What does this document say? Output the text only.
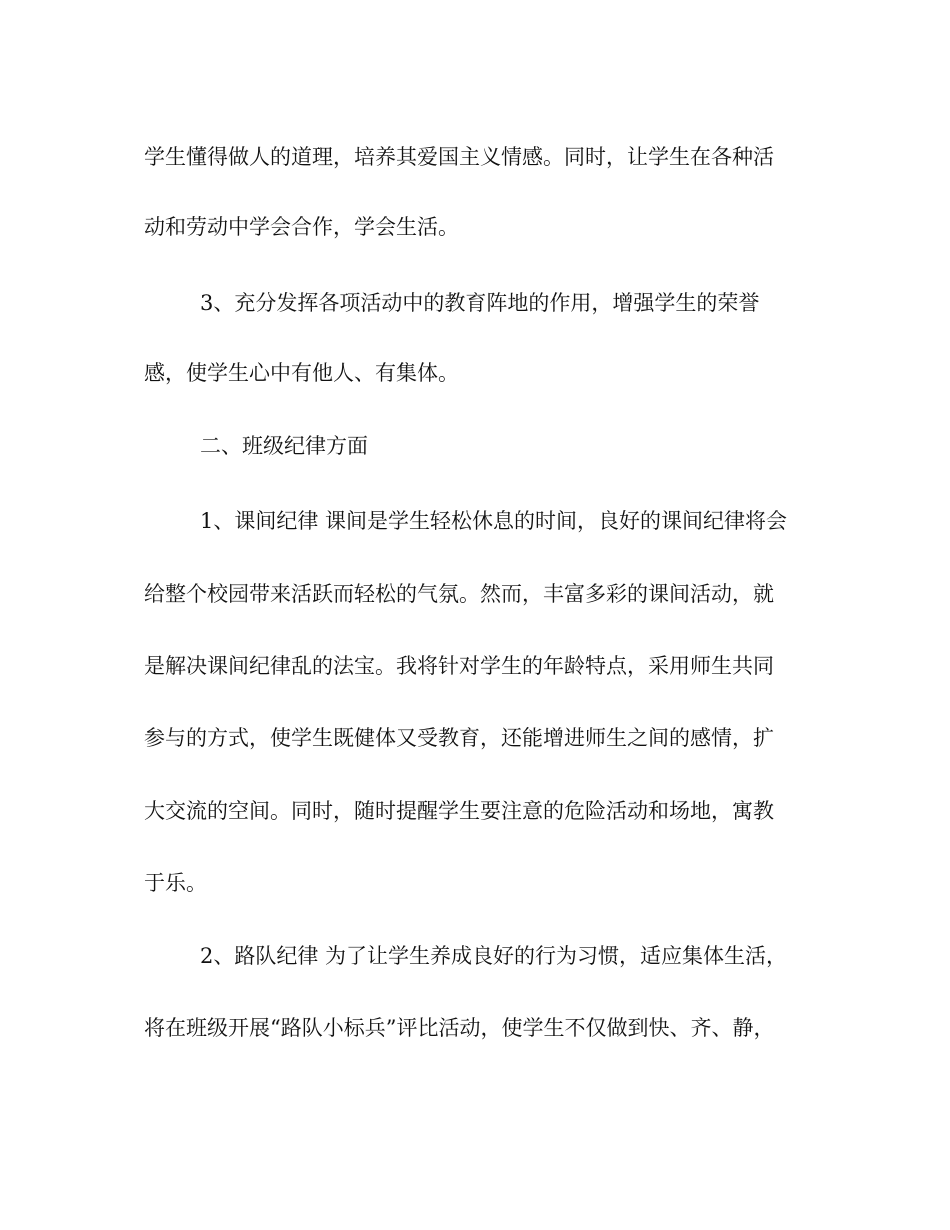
学生懂得做人的道理，培养其爱国主义情感。同时，让学生在各种活
动和劳动中学会合作，学会生活。
3、充分发挥各项活动中的教育阵地的作用，增强学生的荣誉
感，使学生心中有他人、有集体。
二、班级纪律方面
1、课间纪律 课间是学生轻松休息的时间，良好的课间纪律将会
给整个校园带来活跃而轻松的气氛。然而，丰富多彩的课间活动，就
是解决课间纪律乱的法宝。我将针对学生的年龄特点，采用师生共同
参与的方式，使学生既健体又受教育，还能增进师生之间的感情，扩
大交流的空间。同时，随时提醒学生要注意的危险活动和场地，寓教
于乐。
2、路队纪律 为了让学生养成良好的行为习惯，适应集体生活，
将在班级开展“路队小标兵”评比活动，使学生不仅做到快、齐、静，
